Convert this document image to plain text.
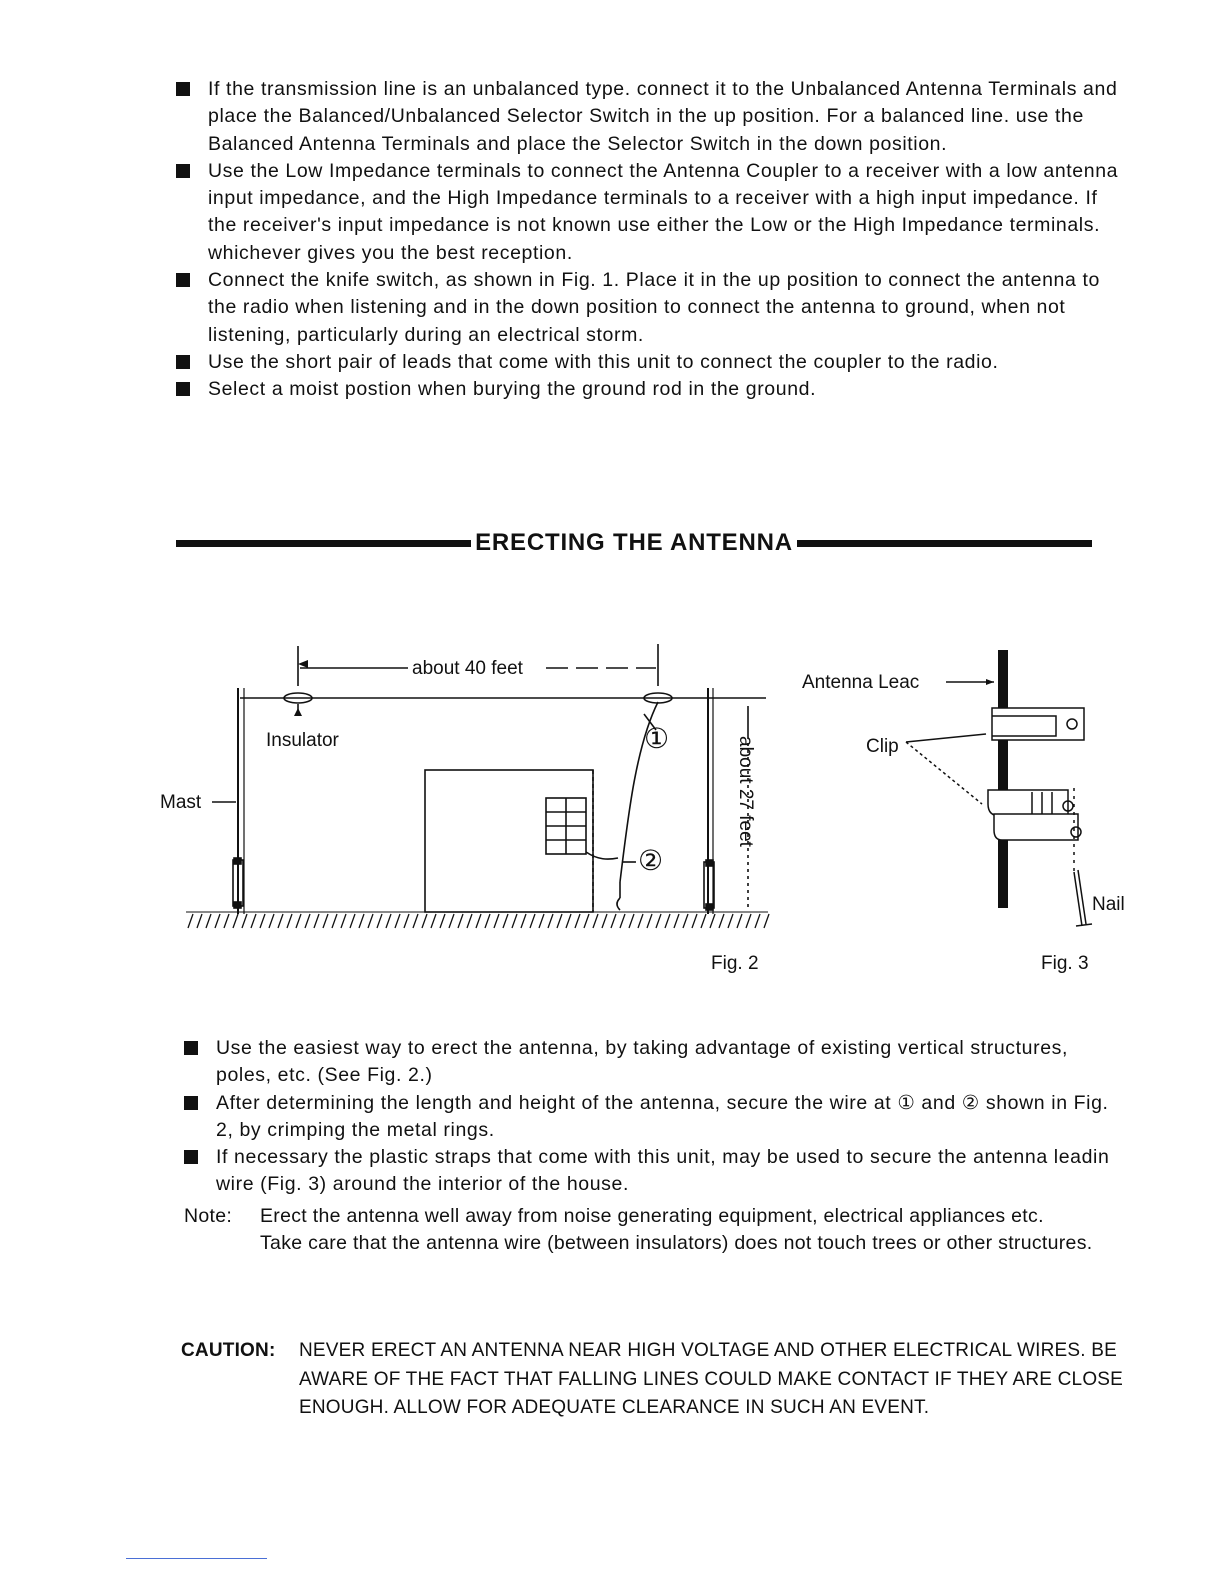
If the transmission line is an unbalanced type. connect it to the Unbalanced Antenna Terminals and place the Balanced/Unbalanced Selector Switch in the up position. For a balanced line. use the Balanced Antenna Terminals and place the Selector Switch in the down position.
Use the Low Impedance terminals to connect the Antenna Coupler to a receiver with a low antenna input impedance, and the High Impedance terminals to a receiver with a high input impedance. If the receiver's input impedance is not known use either the Low or the High Impedance terminals. whichever gives you the best reception.
Connect the knife switch, as shown in Fig. 1. Place it in the up position to connect the antenna to the radio when listening and in the down position to connect the antenna to ground, when not listening, particularly during an electrical storm.
Use the short pair of leads that come with this unit to connect the coupler to the radio.
Select a moist postion when burying the ground rod in the ground.
ERECTING THE ANTENNA
about 40 feet
Insulator
Mast
①
②
about 27 feet
Fig. 2
Antenna Leac
Clip
Nail
Fig. 3
Use the easiest way to erect the antenna, by taking advantage of existing vertical structures, poles, etc. (See Fig. 2.)
After determining the length and height of the antenna, secure the wire at ① and ② shown in Fig. 2, by crimping the metal rings.
If necessary the plastic straps that come with this unit, may be used to secure the antenna leadin wire (Fig. 3) around the interior of the house.
Note: Erect the antenna well away from noise generating equipment, electrical appliances etc.
Take care that the antenna wire (between insulators) does not touch trees or other structures.
CAUTION: NEVER ERECT AN ANTENNA NEAR HIGH VOLTAGE AND OTHER ELECTRICAL WIRES. BE AWARE OF THE FACT THAT FALLING LINES COULD MAKE CONTACT IF THEY ARE CLOSE ENOUGH. ALLOW FOR ADEQUATE CLEARANCE IN SUCH AN EVENT.
